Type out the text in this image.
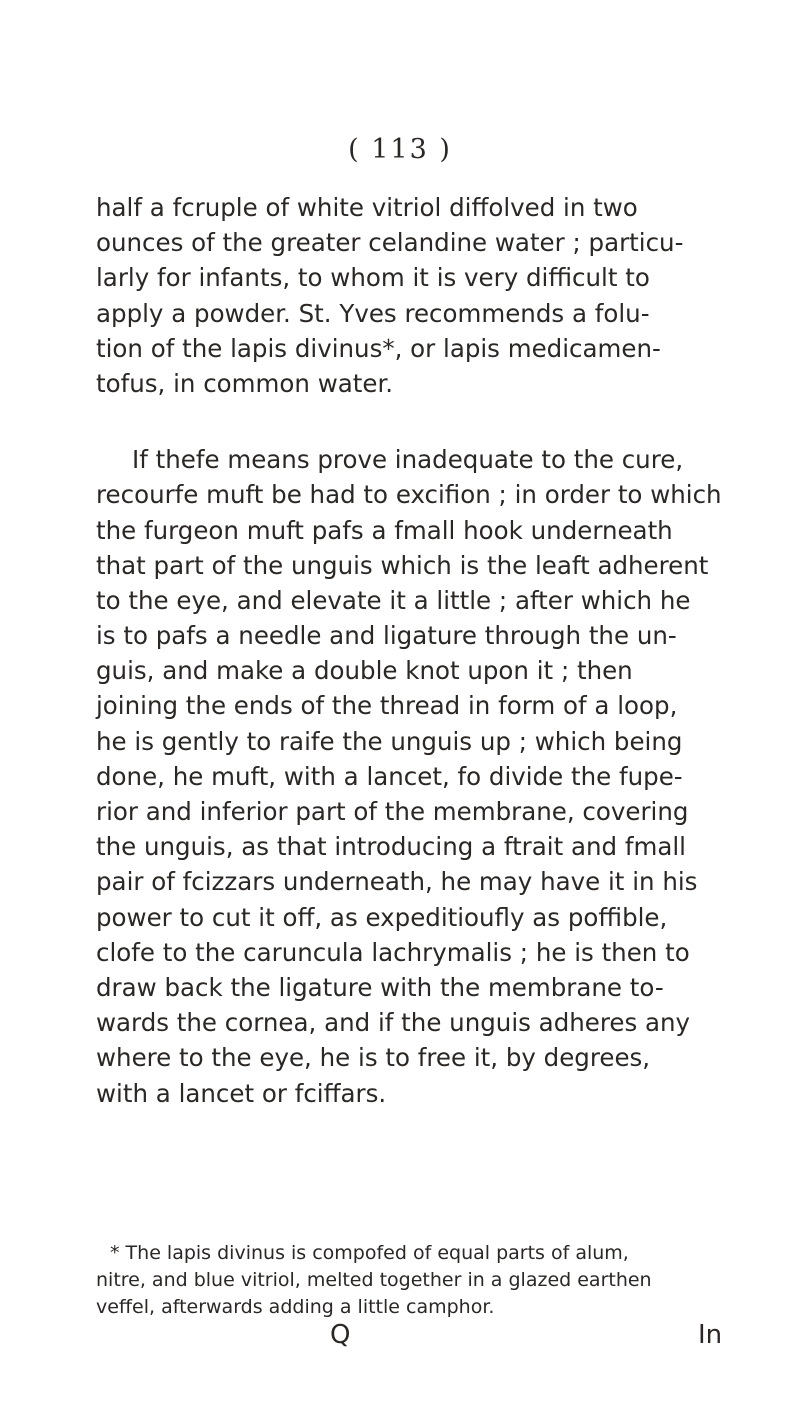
( 113 )
half a fcruple of white vitriol diffolved in two
ounces of the greater celandine water ; particu-
larly for infants, to whom it is very difficult to
apply a powder. St. Yves recommends a folu-
tion of the lapis divinus*, or lapis medicamen-
tofus, in common water.
If thefe means prove inadequate to the cure,
recourfe muft be had to excifion ; in order to which
the furgeon muft pafs a fmall hook underneath
that part of the unguis which is the leaft adherent
to the eye, and elevate it a little ; after which he
is to pafs a needle and ligature through the un-
guis, and make a double knot upon it ; then
joining the ends of the thread in form of a loop,
he is gently to raife the unguis up ; which being
done, he muft, with a lancet, fo divide the fupe-
rior and inferior part of the membrane, covering
the unguis, as that introducing a ftrait and fmall
pair of fcizzars underneath, he may have it in his
power to cut it off, as expeditioufly as poffible,
clofe to the caruncula lachrymalis ; he is then to
draw back the ligature with the membrane to-
wards the cornea, and if the unguis adheres any
where to the eye, he is to free it, by degrees,
with a lancet or fciffars.
* The lapis divinus is compofed of equal parts of alum,
nitre, and blue vitriol, melted together in a glazed earthen
veffel, afterwards adding a little camphor.
Q	In
